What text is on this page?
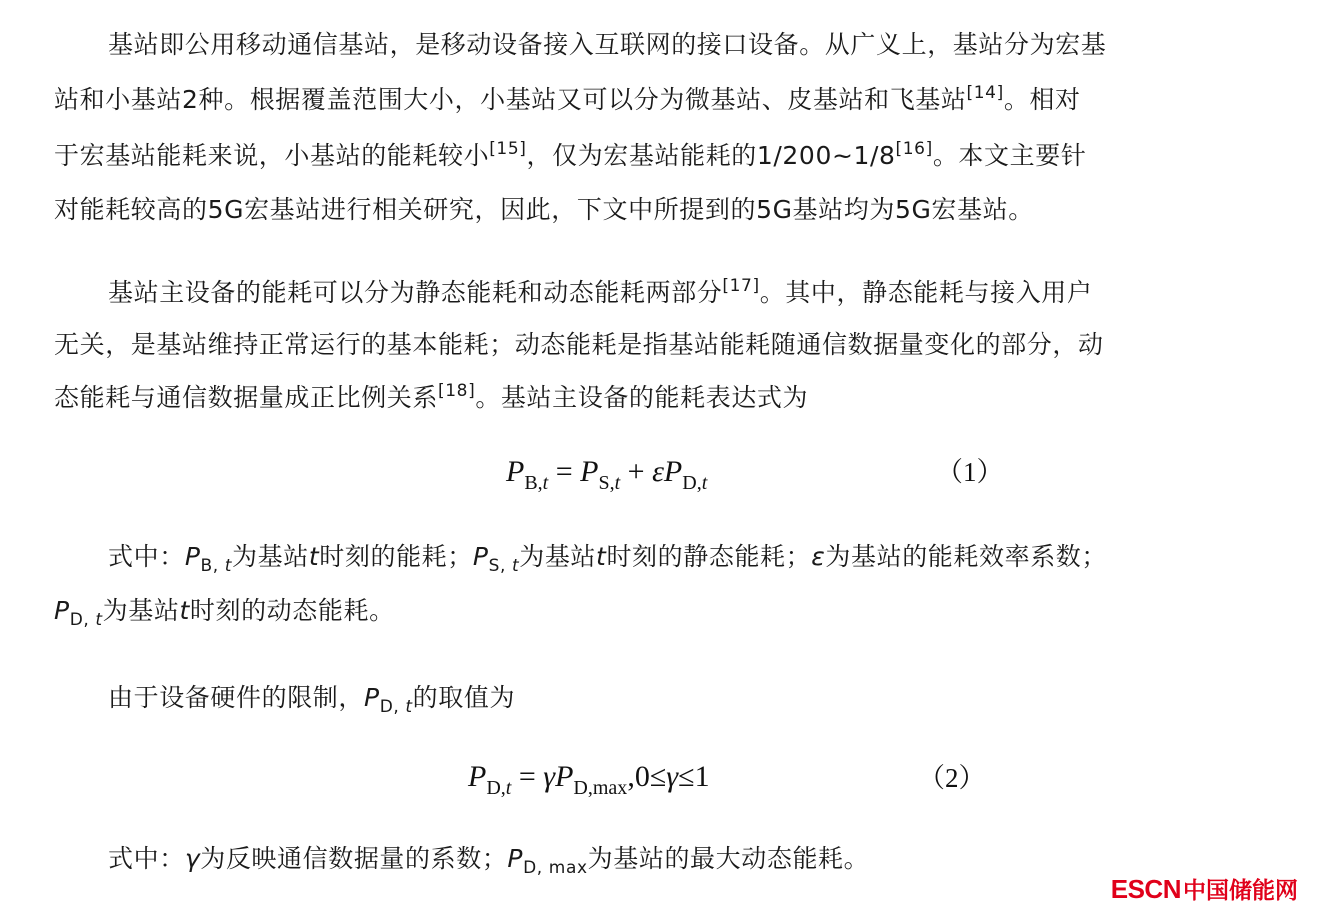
基站即公用移动通信基站，是移动设备接入互联网的接口设备。从广义上，基站分为宏基
站和小基站2种。根据覆盖范围大小，小基站又可以分为微基站、皮基站和飞基站[14]。相对
于宏基站能耗来说，小基站的能耗较小[15]，仅为宏基站能耗的1/200~1/8[16]。本文主要针
对能耗较高的5G宏基站进行相关研究，因此，下文中所提到的5G基站均为5G宏基站。
基站主设备的能耗可以分为静态能耗和动态能耗两部分[17]。其中，静态能耗与接入用户
无关，是基站维持正常运行的基本能耗；动态能耗是指基站能耗随通信数据量变化的部分，动
态能耗与通信数据量成正比例关系[18]。基站主设备的能耗表达式为
$P_{B,t} = P_{S,t} + \varepsilon P_{D,t}$	（1）
式中：$P_{B, t}$为基站t时刻的能耗；$P_{S, t}$为基站t时刻的静态能耗；ε为基站的能耗效率系数；
$P_{D, t}$为基站t时刻的动态能耗。
由于设备硬件的限制，$P_{D, t}$的取值为
$P_{D,t} = \gamma P_{D,max},0\le\gamma\le 1$	（2）
式中：γ为反映通信数据量的系数；$P_{D, max}$为基站的最大动态能耗。
ESCN中国储能网
